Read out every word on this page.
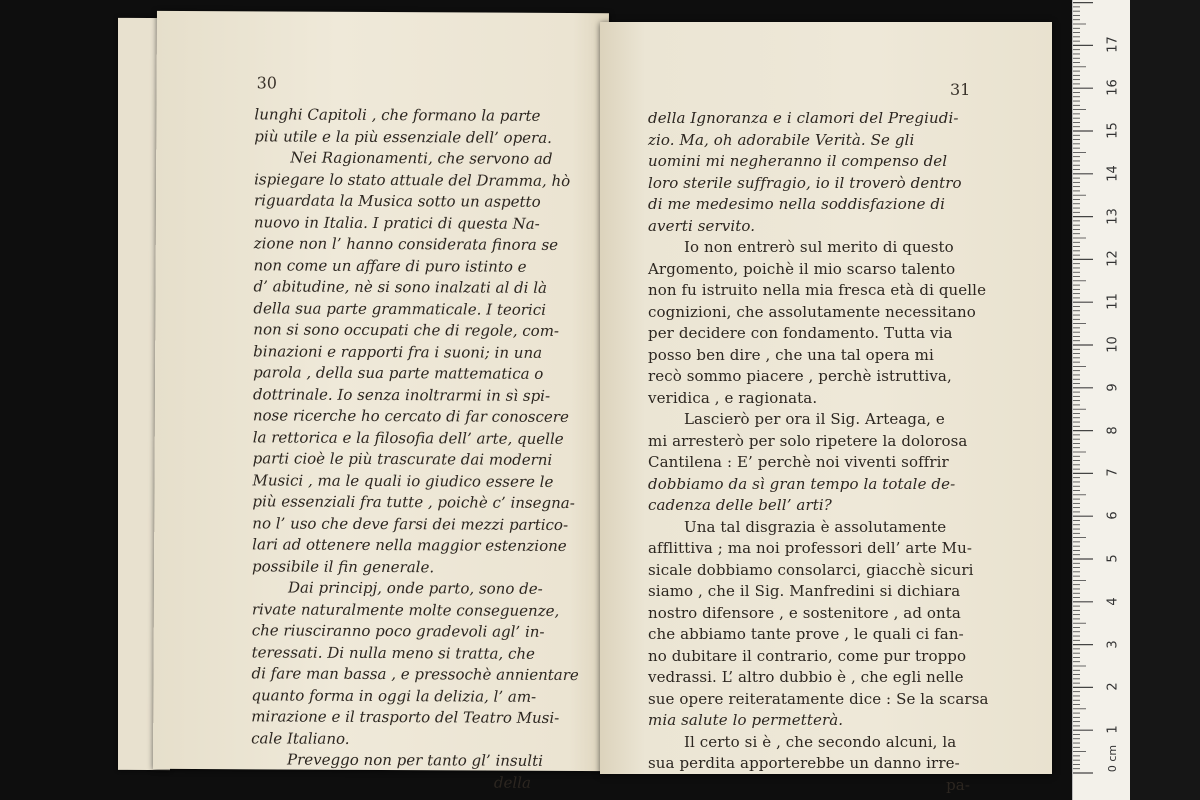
30
lunghi Capitoli , che formano la parte
più utile e la più essenziale dell’ opera.
Nei Ragionamenti, che servono ad
ispiegare lo stato attuale del Dramma, hò
riguardata la Musica sotto un aspetto
nuovo in Italia. I pratici di questa Na-
zione non l’ hanno considerata finora se
non come un affare di puro istinto e
d’ abitudine, nè si sono inalzati al di là
della sua parte grammaticale. I teorici
non si sono occupati che di regole, com-
binazioni e rapporti fra i suoni; in una
parola , della sua parte mattematica o
dottrinale. Io senza inoltrarmi in sì spi-
nose ricerche ho cercato di far conoscere
la rettorica e la filosofia dell’ arte, quelle
parti cioè le più trascurate dai moderni
Musici , ma le quali io giudico essere le
più essenziali fra tutte , poichè c’ insegna-
no l’ uso che deve farsi dei mezzi partico-
lari ad ottenere nella maggior estenzione
possibile il fin generale.
Dai principj, onde parto, sono de-
rivate naturalmente molte conseguenze,
che riusciranno poco gradevoli agl’ in-
teressati. Di nulla meno si tratta, che
di fare man bassa , e pressochè annientare
quanto forma in oggi la delizia, l’ am-
mirazione e il trasporto del Teatro Musi-
cale Italiano.
Preveggo non per tanto gl’ insulti
della
31
della Ignoranza e i clamori del Pregiudi-
zio. Ma, oh adorabile Verità. Se gli
uomini mi negheranno il compenso del
loro sterile suffragio, io il troverò dentro
di me medesimo nella soddisfazione di
averti servito.
Io non entrerò sul merito di questo
Argomento, poichè il mio scarso talento
non fu istruito nella mia fresca età di quelle
cognizioni, che assolutamente necessitano
per decidere con fondamento. Tutta via
posso ben dire , che una tal opera mi
recò sommo piacere , perchè istruttiva,
veridica , e ragionata.
Lascierò per ora il Sig. Arteaga, e
mi arresterò per solo ripetere la dolorosa
Cantilena : E’ perchè noi viventi soffrir
dobbiamo da sì gran tempo la totale de-
cadenza delle bell’ arti?
Una tal disgrazia è assolutamente
afflittiva ; ma noi professori dell’ arte Mu-
sicale dobbiamo consolarci, giacchè sicuri
siamo , che il Sig. Manfredini si dichiara
nostro difensore , e sostenitore , ad onta
che abbiamo tante prove , le quali ci fan-
no dubitare il contrario, come pur troppo
vedrassi. L’ altro dubbio è , che egli nelle
sue opere reiteratamente dice : Se la scarsa
mia salute lo permetterà.
Il certo si è , che secondo alcuni, la
sua perdita apporterebbe un danno irre-
pa-
0 cm
1
2
3
4
5
6
7
8
9
10
11
12
13
14
15
16
17
